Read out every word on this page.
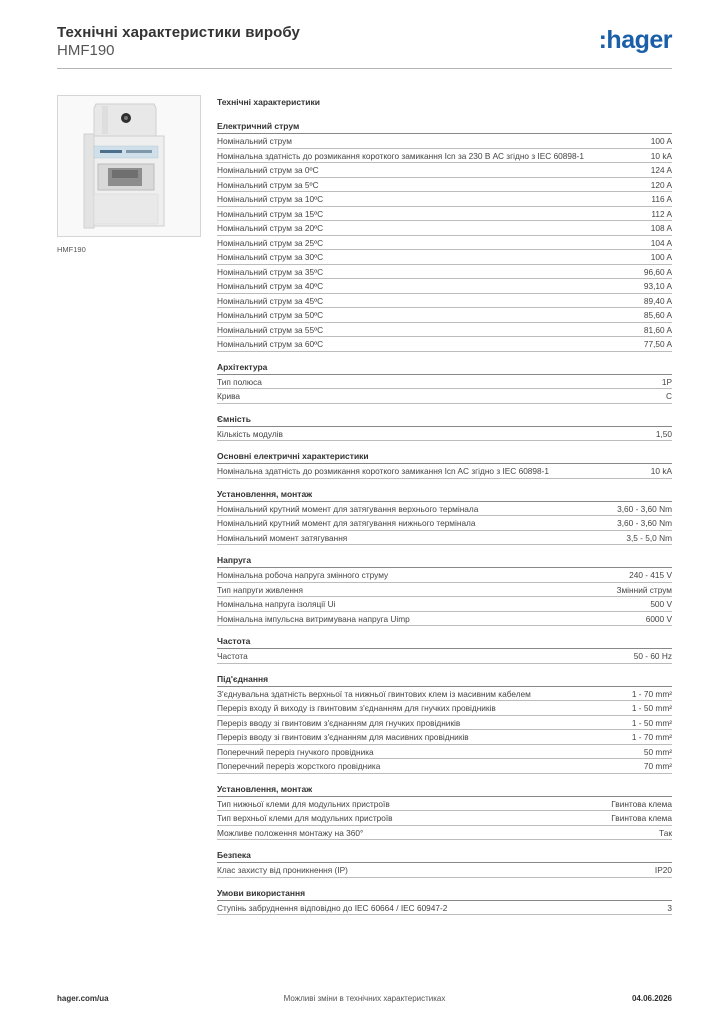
Технічні характеристики виробу
HMF190	:hager
HMF190
Технічні характеристики
Електричний струм
Номінальний струм	100 A
Номінальна здатність до розмикання короткого замикання Icn за 230 В АС згідно з IEC 60898-1	10 kA
Номінальний струм за 0ºC	124 A
Номінальний струм за 5ºC	120 A
Номінальний струм за 10ºC	116 A
Номінальний струм за 15ºC	112 A
Номінальний струм за 20ºC	108 A
Номінальний струм за 25ºC	104 A
Номінальний струм за 30ºC	100 A
Номінальний струм за 35ºC	96,60 A
Номінальний струм за 40ºC	93,10 A
Номінальний струм за 45ºC	89,40 A
Номінальний струм за 50ºC	85,60 A
Номінальний струм за 55ºC	81,60 A
Номінальний струм за 60ºC	77,50 A
Архітектура
Тип полюса	1P
Крива	C
Ємність
Кількість модулів	1,50
Основні електричні характеристики
Номінальна здатність до розмикання короткого замикання Icn AC згідно з IEC 60898-1	10 kA
Установлення, монтаж
Номінальний крутний момент для затягування верхнього термінала	3,60 - 3,60 Nm
Номінальний крутний момент для затягування нижнього термінала	3,60 - 3,60 Nm
Номінальний момент затягування	3,5 - 5,0 Nm
Напруга
Номінальна робоча напруга змінного струму	240 - 415 V
Тип напруги живлення	Змінний струм
Номінальна напруга ізоляції Ui	500 V
Номінальна імпульсна витримувана напруга Uimp	6000 V
Частота
Частота	50 - 60 Hz
Під'єднання
З'єднувальна здатність верхньої та нижньої гвинтових клем із масивним кабелем	1 - 70 mm²
Переріз входу й виходу із гвинтовим з'єднанням для гнучких провідників	1 - 50 mm²
Переріз вводу зі гвинтовим з'єднанням для гнучких провідників	1 - 50 mm²
Переріз вводу зі гвинтовим з'єднанням для масивних провідників	1 - 70 mm²
Поперечний переріз гнучкого провідника	50 mm²
Поперечний переріз жорсткого провідника	70 mm²
Установлення, монтаж
Тип нижньої клеми для модульних пристроїв	Гвинтова клема
Тип верхньої клеми для модульних пристроїв	Гвинтова клема
Можливе положення монтажу на 360°	Так
Безпека
Клас захисту від проникнення (IP)	IP20
Умови використання
Ступінь забруднення відповідно до IEC 60664 / IEC 60947-2	3
Можливі зміни в технічних характеристиках
hager.com/ua	04.06.2026
